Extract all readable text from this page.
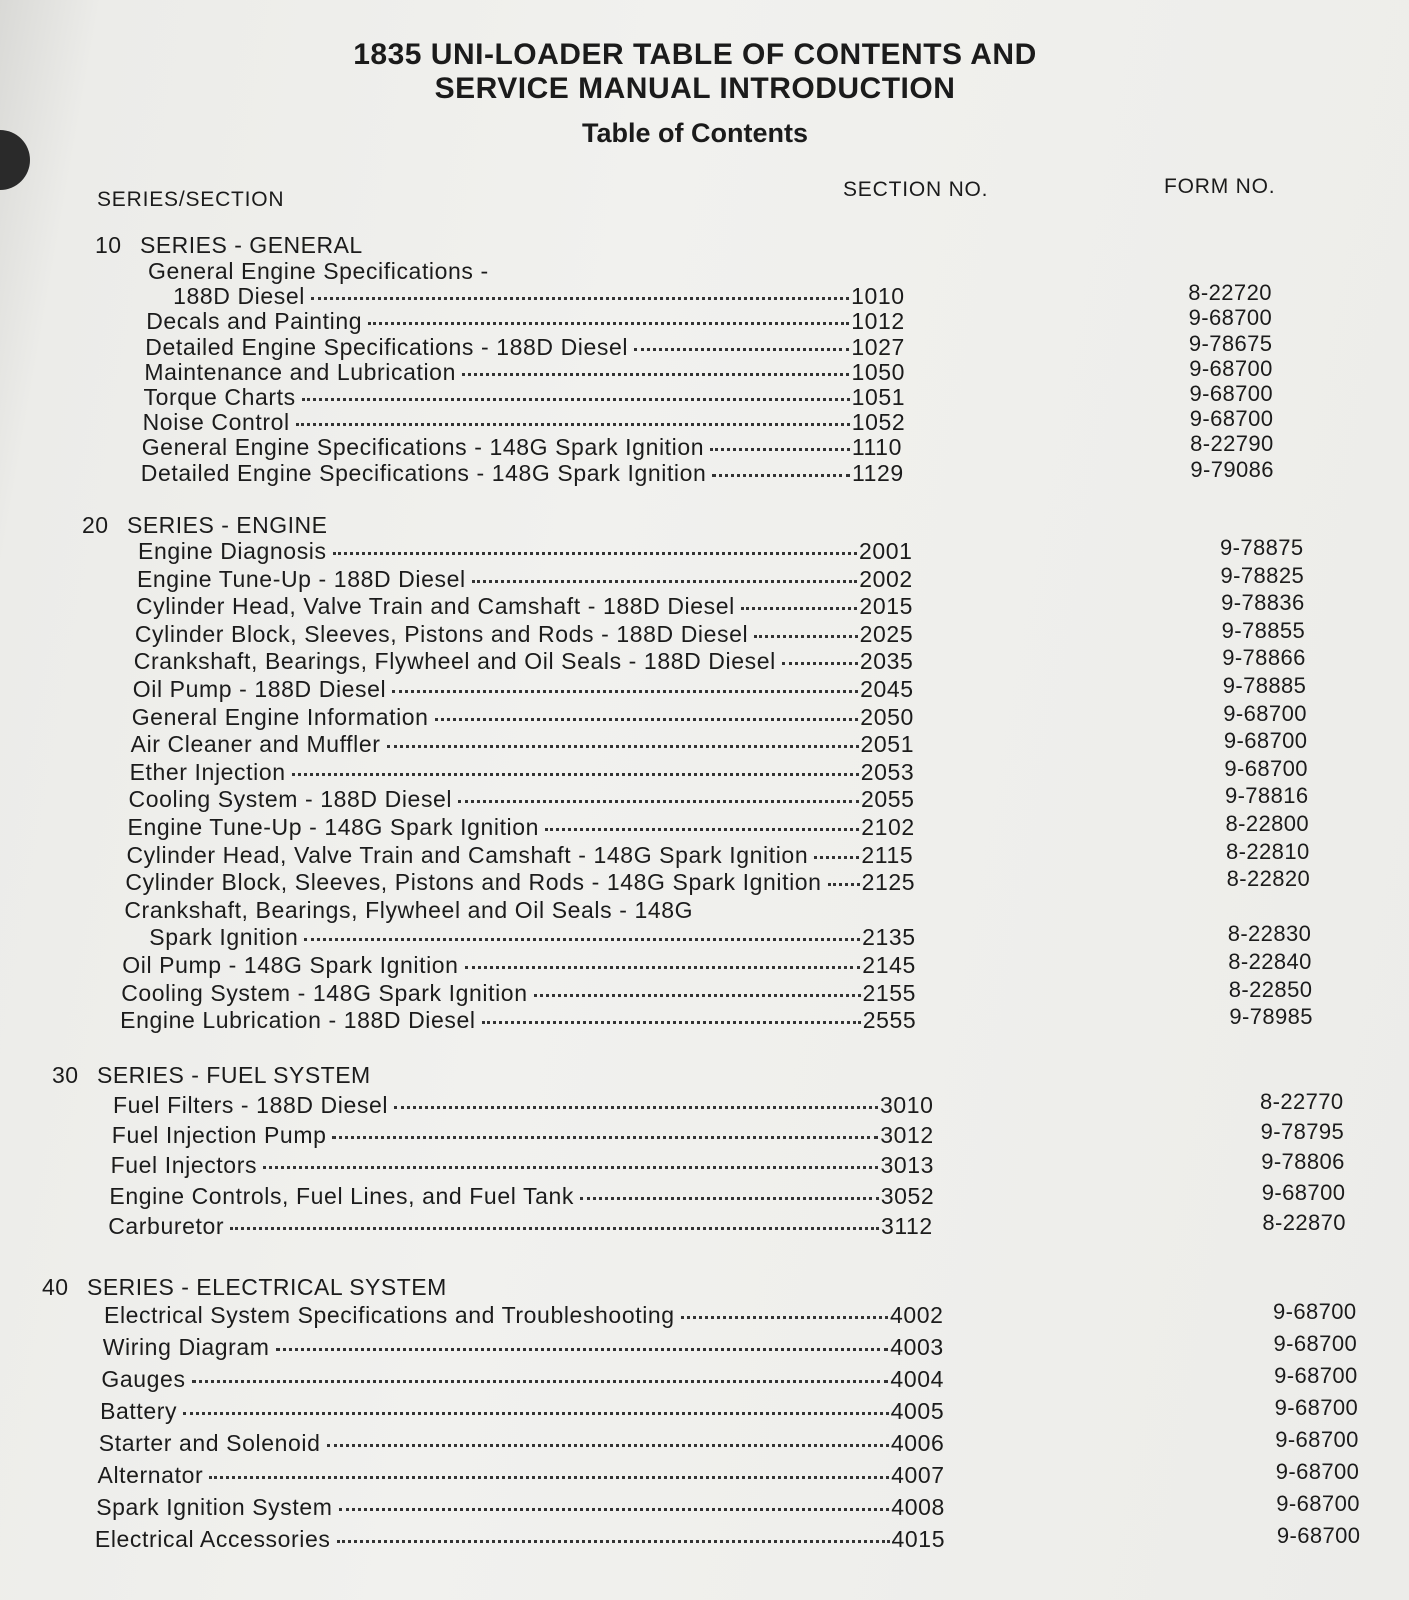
1835 UNI-LOADER TABLE OF CONTENTS AND
SERVICE MANUAL INTRODUCTION
Table of Contents
SERIES/SECTION	SECTION NO.	FORM NO.
10 SERIES - GENERAL
General Engine Specifications -
188D Diesel	1010	8-22720
Decals and Painting	1012	9-68700
Detailed Engine Specifications - 188D Diesel	1027	9-78675
Maintenance and Lubrication	1050	9-68700
Torque Charts	1051	9-68700
Noise Control	1052	9-68700
General Engine Specifications - 148G Spark Ignition	1110	8-22790
Detailed Engine Specifications - 148G Spark Ignition	1129	9-79086
20 SERIES - ENGINE
Engine Diagnosis	2001	9-78875
Engine Tune-Up - 188D Diesel	2002	9-78825
Cylinder Head, Valve Train and Camshaft - 188D Diesel	2015	9-78836
Cylinder Block, Sleeves, Pistons and Rods - 188D Diesel	2025	9-78855
Crankshaft, Bearings, Flywheel and Oil Seals - 188D Diesel	2035	9-78866
Oil Pump - 188D Diesel	2045	9-78885
General Engine Information	2050	9-68700
Air Cleaner and Muffler	2051	9-68700
Ether Injection	2053	9-68700
Cooling System - 188D Diesel	2055	9-78816
Engine Tune-Up - 148G Spark Ignition	2102	8-22800
Cylinder Head, Valve Train and Camshaft - 148G Spark Ignition 2115	8-22810
Cylinder Block, Sleeves, Pistons and Rods - 148G Spark Ignition 2125	8-22820
Crankshaft, Bearings, Flywheel and Oil Seals - 148G
Spark Ignition	2135	8-22830
Oil Pump - 148G Spark Ignition	2145	8-22840
Cooling System - 148G Spark Ignition	2155	8-22850
Engine Lubrication - 188D Diesel	2555	9-78985
30 SERIES - FUEL SYSTEM
Fuel Filters - 188D Diesel	3010	8-22770
Fuel Injection Pump	3012	9-78795
Fuel Injectors	3013	9-78806
Engine Controls, Fuel Lines, and Fuel Tank	3052	9-68700
Carburetor	3112	8-22870
40 SERIES - ELECTRICAL SYSTEM
Electrical System Specifications and Troubleshooting	4002	9-68700
Wiring Diagram	4003	9-68700
Gauges	4004	9-68700
Battery	4005	9-68700
Starter and Solenoid	4006	9-68700
Alternator	4007	9-68700
Spark Ignition System	4008	9-68700
Electrical Accessories	4015	9-68700
